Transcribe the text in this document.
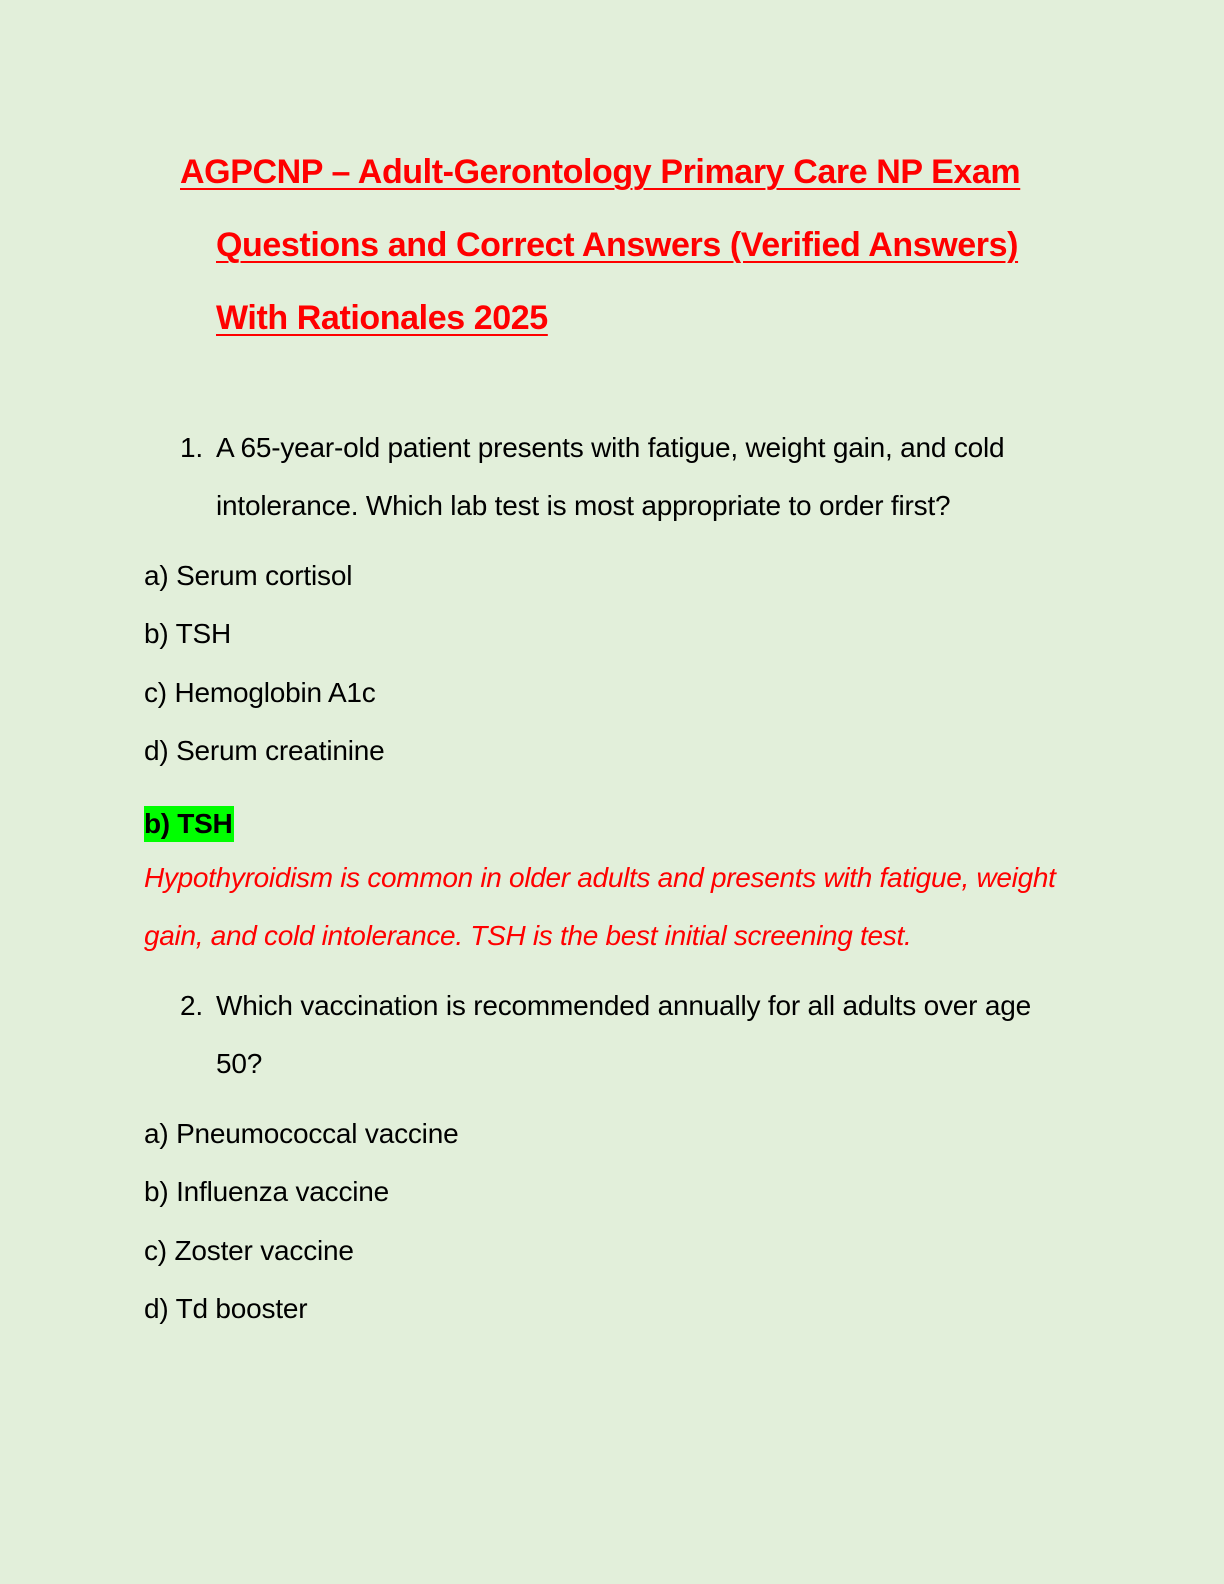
AGPCNP – Adult-Gerontology Primary Care NP Exam
Questions and Correct Answers (Verified Answers)
With Rationales 2025
1. A 65-year-old patient presents with fatigue, weight gain, and cold intolerance. Which lab test is most appropriate to order first?
a) Serum cortisol
b) TSH
c) Hemoglobin A1c
d) Serum creatinine
b) TSH

Hypothyroidism is common in older adults and presents with fatigue, weight gain, and cold intolerance. TSH is the best initial screening test.

2. Which vaccination is recommended annually for all adults over age 50?
a) Pneumococcal vaccine
b) Influenza vaccine
c) Zoster vaccine
d) Td booster
